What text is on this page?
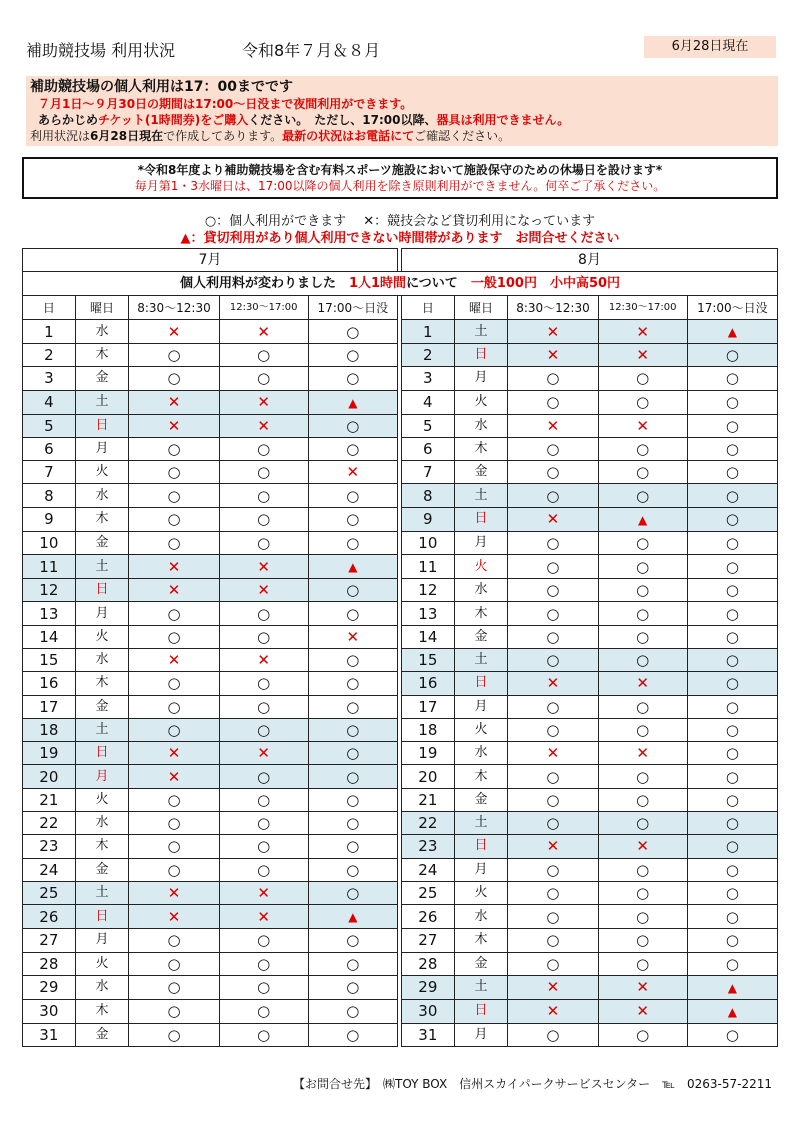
補助競技場 利用状況	令和8年７月＆８月	6月28日現在
補助競技場の個人利用は17：00までです
７月1日～９月30日の期間は17:00～日没まで夜間利用ができます。
あらかじめチケット(1時間券)をご購入ください。　ただし、17:00以降、器具は利用できません。
利用状況は6月28日現在で作成してあります。最新の状況はお電話にてご確認ください。
*令和8年度より補助競技場を含む有料スポーツ施設において施設保守のための休場日を設けます*
毎月第1・3水曜日は、17:00以降の個人利用を除き原則利用ができません。何卒ご了承ください。
○：個人利用ができます　 ✕：競技会など貸切利用になっています
▲：貸切利用があり個人利用できない時間帯があります　お問合せください
7月						8月				
個人利用料が変わりました　 1人1時間について　 一般100円　小中高50円										
日	曜日	8:30～12:30	12:30～17:00	17:00～日没		日	曜日	8:30～12:30	12:30～17:00	17:00～日没
1	水	✕	✕	○		1	土	✕	✕	▲
2	木	○	○	○		2	日	✕	✕	○
3	金	○	○	○		3	月	○	○	○
4	土	✕	✕	▲		4	火	○	○	○
5	日	✕	✕	○		5	水	✕	✕	○
6	月	○	○	○		6	木	○	○	○
7	火	○	○	✕		7	金	○	○	○
8	水	○	○	○		8	土	○	○	○
9	木	○	○	○		9	日	✕	▲	○
10	金	○	○	○		10	月	○	○	○
11	土	✕	✕	▲		11	火	○	○	○
12	日	✕	✕	○		12	水	○	○	○
13	月	○	○	○		13	木	○	○	○
14	火	○	○	✕		14	金	○	○	○
15	水	✕	✕	○		15	土	○	○	○
16	木	○	○	○		16	日	✕	✕	○
17	金	○	○	○		17	月	○	○	○
18	土	○	○	○		18	火	○	○	○
19	日	✕	✕	○		19	水	✕	✕	○
20	月	✕	○	○		20	木	○	○	○
21	火	○	○	○		21	金	○	○	○
22	水	○	○	○		22	土	○	○	○
23	木	○	○	○		23	日	✕	✕	○
24	金	○	○	○		24	月	○	○	○
25	土	✕	✕	○		25	火	○	○	○
26	日	✕	✕	▲		26	水	○	○	○
27	月	○	○	○		27	木	○	○	○
28	火	○	○	○		28	金	○	○	○
29	水	○	○	○		29	土	✕	✕	▲
30	木	○	○	○		30	日	✕	✕	▲
31	金	○	○	○		31	月	○	○	○
【お問合せ先】　㈱TOY BOX　信州スカイパークサービスセンター　℡　0263-57-2211
